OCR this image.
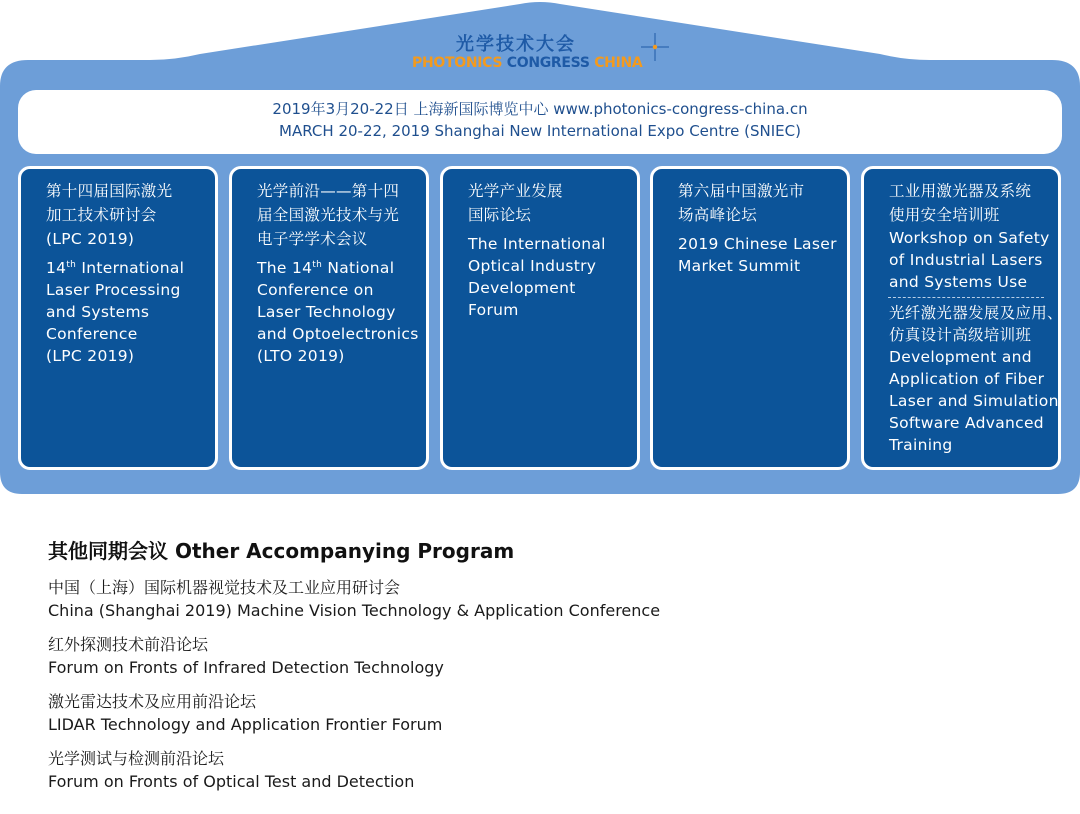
光学技术大会
PHOTONICS CONGRESS CHINA
2019年3月20-22日 上海新国际博览中心 www.photonics-congress-china.cn
MARCH 20-22, 2019 Shanghai New International Expo Centre (SNIEC)
第十四届国际激光
加工技术研讨会
(LPC 2019)
14th International
Laser Processing
and Systems
Conference
(LPC 2019)
光学前沿——第十四
届全国激光技术与光
电子学学术会议
The 14th National
Conference on
Laser Technology
and Optoelectronics
(LTO 2019)
光学产业发展
国际论坛
The International
Optical Industry
Development
Forum
第六届中国激光市
场高峰论坛
2019 Chinese Laser
Market Summit
工业用激光器及系统
使用安全培训班
Workshop on Safety
of Industrial Lasers
and Systems Use
光纤激光器发展及应用、
仿真设计高级培训班
Development and
Application of Fiber
Laser and Simulation
Software Advanced
Training
其他同期会议 Other Accompanying Program
中国（上海）国际机器视觉技术及工业应用研讨会
China (Shanghai 2019) Machine Vision Technology & Application Conference
红外探测技术前沿论坛
Forum on Fronts of Infrared Detection Technology
激光雷达技术及应用前沿论坛
LIDAR Technology and Application Frontier Forum
光学测试与检测前沿论坛
Forum on Fronts of Optical Test and Detection
